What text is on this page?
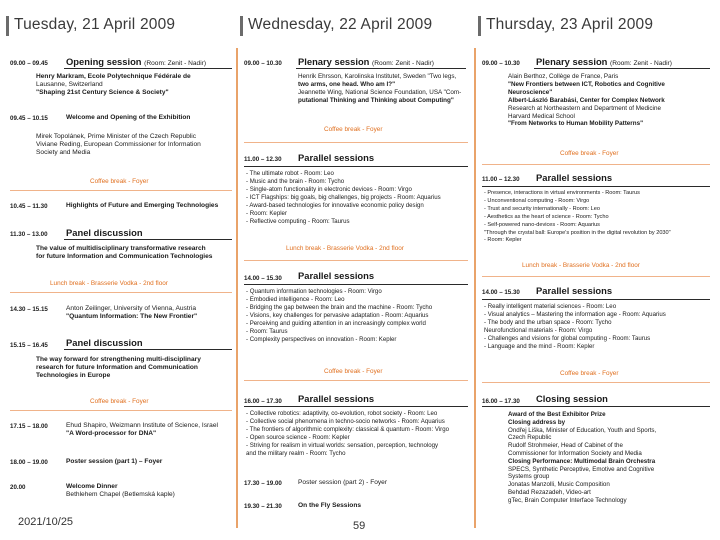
Tuesday, 21 April 2009
09.00 – 09.45 Opening session (Room: Zenit - Nadir)
Henry Markram, Ecole Polytechnique Fédérale de
Lausanne, Switzerland
"Shaping 21st Century Science & Society"
09.45 – 10.15	Welcome and Opening of the Exhibition
Mirek Topolánek, Prime Minister of the Czech Republic
Viviane Reding, European Commissioner for Information
Society and Media
Coffee break - Foyer
10.45 – 11.30	Highlights of Future and Emerging Technologies
11.30 – 13.00 Panel discussion
The value of multidisciplinary transformative research
for future Information and Communication Technologies
Lunch break - Brasserie Vodka - 2nd floor
14.30 – 15.15	Anton Zeilinger, University of Vienna, Austria
"Quantum Information: The New Frontier"
15.15 – 16.45 Panel discussion
The way forward for strengthening multi-disciplinary
research for future Information and Communication
Technologies in Europe
Coffee break - Foyer
17.15 – 18.00	Ehud Shapiro, Weizmann Institute of Science, Israel
"A Word-processor for DNA"
18.00 – 19.00	Poster session (part 1) – Foyer
20.00	Welcome Dinner
Bethlehem Chapel (Betlemská kaple)
Wednesday, 22 April 2009
09.00 – 10.30 Plenary session (Room: Zenit - Nadir)
Henrik Ehrsson, Karolinska Institutet, Sweden "Two legs,
two arms, one head. Who am I?"
Jeannette Wing, National Science Foundation, USA "Com-
putational Thinking and Thinking about Computing"
Coffee break - Foyer
11.00 – 12.30 Parallel sessions
- The ultimate robot - Room: Leo
- Music and the brain - Room: Tycho
- Single-atom functionality in electronic devices - Room: Virgo
- ICT Flagships: big goals, big challenges, big projects - Room: Aquarius
- Award-based technologies for innovative economic policy design
- Room: Kepler
- Reflective computing - Room: Taurus
Lunch break - Brasserie Vodka - 2nd floor
14.00 – 15.30 Parallel sessions
- Quantum information technologies - Room: Virgo
- Embodied intelligence - Room: Leo
- Bridging the gap between the brain and the machine - Room: Tycho
- Visions, key challenges for pervasive adaptation - Room: Aquarius
- Perceiving and guiding attention in an increasingly complex world
- Room: Taurus
- Complexity perspectives on innovation - Room: Kepler
Coffee break - Foyer
16.00 – 17.30 Parallel sessions
- Collective robotics: adaptivity, co-evolution, robot society - Room: Leo
- Collective social phenomena in techno-socio networks - Room: Aquarius
- The frontiers of algorithmic complexity: classical & quantum - Room: Virgo
- Open source science - Room: Kepler
- Striving for realism in virtual worlds: sensation, perception, technology
and the military realm - Room: Tycho
17.30 – 19.00 Poster session (part 2) - Foyer
19.30 – 21.30 On the Fly Sessions
Thursday, 23 April 2009
09.00 – 10.30 Plenary session (Room: Zenit - Nadir)
Alain Berthoz, Collège de France, Paris
"New Frontiers between ICT, Robotics and Cognitive
Neuroscience"
Albert-László Barabási, Center for Complex Network
Research at Northeastern and Department of Medicine
Harvard Medical School
"From Networks to Human Mobility Patterns"
Coffee break - Foyer
11.00 – 12.30 Parallel sessions
- Presence, interactions in virtual environments - Room: Taurus
- Unconventional computing - Room: Virgo
- Trust and security internationally - Room: Leo
- Aesthetics as the heart of science - Room: Tycho
- Self-powered nano-devices - Room: Aquarius
"Through the crystal ball: Europe's position in the digital revolution by 2030"
- Room: Kepler
Lunch break - Brasserie Vodka - 2nd floor
14.00 – 15.30 Parallel sessions
- Really intelligent material sciences - Room: Leo
- Visual analytics – Mastering the information age - Room: Aquarius
- The body and the urban space - Room: Tycho
Neurofunctional materials - Room: Virgo
- Challenges and visions for global computing - Room: Taurus
- Language and the mind - Room: Kepler
Coffee break - Foyer
16.00 – 17.30 Closing session
Award of the Best Exhibitor Prize
Closing address by
Ondřej Liška, Minister of Education, Youth and Sports,
Czech Republic
Rudolf Strohmeier, Head of Cabinet of the
Commissioner for Information Society and Media
Closing Performance: Multimodal Brain Orchestra
SPECS, Synthetic Perceptive, Emotive and Cognitive
Systems group
Jonatas Manzolli, Music Composition
Behdad Rezazadeh, Video-art
gTec, Brain Computer Interface Technology
2021/10/25	59
